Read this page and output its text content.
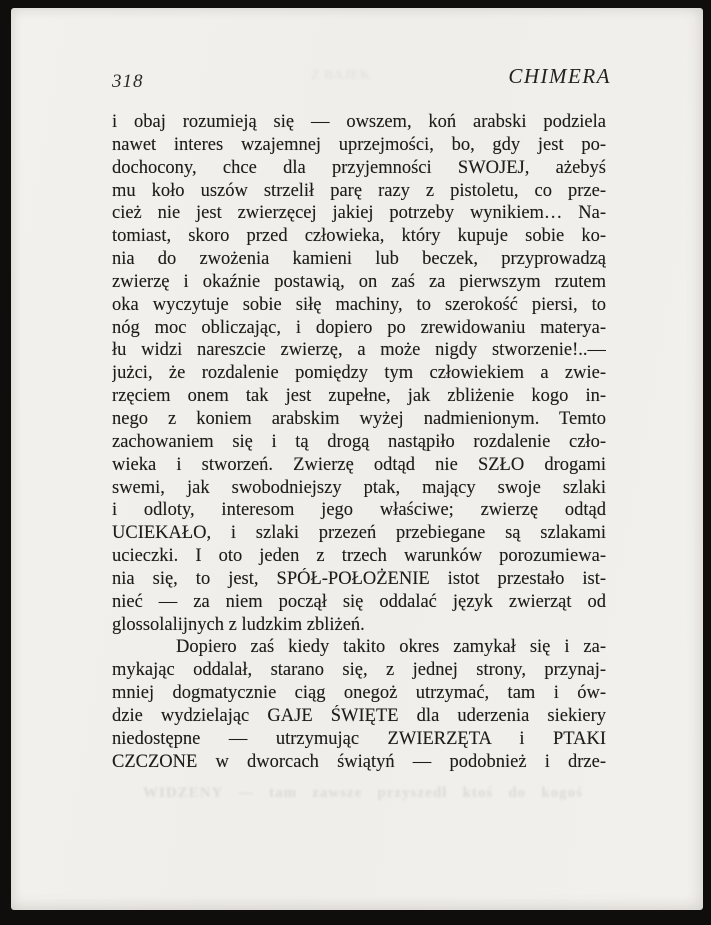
318	CHIMERA
Z BAJEK
i obaj rozumieją się — owszem, koń arabski podziela
nawet interes wzajemnej uprzejmości, bo, gdy jest po-
dochocony, chce dla przyjemności SWOJEJ, ażebyś
mu koło uszów strzelił parę razy z pistoletu, co prze-
cież nie jest zwierzęcej jakiej potrzeby wynikiem… Na-
tomiast, skoro przed człowieka, który kupuje sobie ko-
nia do zwożenia kamieni lub beczek, przyprowadzą
zwierzę i okaźnie postawią, on zaś za pierwszym rzutem
oka wyczytuje sobie siłę machiny, to szerokość piersi, to
nóg moc obliczając, i dopiero po zrewidowaniu materya-
łu widzi nareszcie zwierzę, a może nigdy stworzenie!..—
jużci, że rozdalenie pomiędzy tym człowiekiem a zwie-
rzęciem onem tak jest zupełne, jak zbliżenie kogo in-
nego z koniem arabskim wyżej nadmienionym. Temto
zachowaniem się i tą drogą nastąpiło rozdalenie czło-
wieka i stworzeń. Zwierzę odtąd nie SZŁO drogami
swemi, jak swobodniejszy ptak, mający swoje szlaki
i odloty, interesom jego właściwe; zwierzę odtąd
UCIEKAŁO, i szlaki przezeń przebiegane są szlakami
ucieczki. I oto jeden z trzech warunków porozumiewa-
nia się, to jest, SPÓŁ-POŁOŻENIE istot przestało ist-
nieć — za niem począł się oddalać język zwierząt od
glossolalijnych z ludzkim zbliżeń.
Dopiero zaś kiedy takito okres zamykał się i za-
mykając oddalał, starano się, z jednej strony, przynaj-
mniej dogmatycznie ciąg onegoż utrzymać, tam i ów-
dzie wydzielając GAJE ŚWIĘTE dla uderzenia siekiery
niedostępne — utrzymując ZWIERZĘTA i PTAKI
CZCZONE w dworcach świątyń — podobnież i drze-
WIDZENY — tam zawsze przyszedł ktoś do kogoś
